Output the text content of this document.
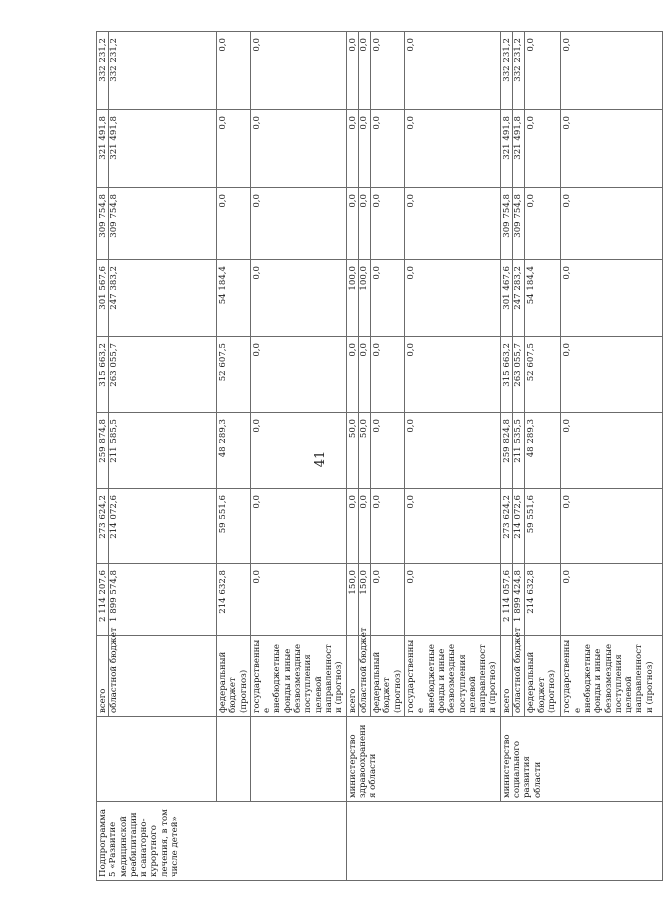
41
Подпрограмма 5 «Развитие медицинской реабилитации и санаторно-курортного лечения, в том числе детей»		всего областной бюджет	2 114 207,6 1 899 574,8	273 624,2 214 072,6	259 874,8 211 585,5	315 663,2 263 055,7	301 567,6 247 383,2	309 754,8 309 754,8	321 491,8 321 491,8	332 231,2 332 231,2

		федеральный бюджет (прогноз)	214 632,8	59 551,6	48 289,3	52 607,5	54 184,4	0,0	0,0	0,0
		государственные внебюджетные фонды и иные безвозмездные поступления целевой направленности (прогноз)	0,0	0,0	0,0	0,0	0,0	0,0	0,0	0,0
	министерство здравоохранения области	всего областной бюджет	150,0 150,0	0,0 0,0	50,0 50,0	0,0 0,0	100,0 100,0	0,0 0,0	0,0 0,0	0,0 0,0

		федеральный бюджет (прогноз)	0,0	0,0	0,0	0,0	0,0	0,0	0,0	0,0
		государственные внебюджетные фонды и иные безвозмездные поступления целевой направленности (прогноз)	0,0	0,0	0,0	0,0	0,0	0,0	0,0	0,0

	министерство социального развития области	всего областной бюджет	2 114 057,6 1 899 424,8	273 624,2 214 072,6	259 824,8 211 535,5	315 663,2 263 055,7	301 467,6 247 283,2	309 754,8 309 754,8	321 491,8 321 491,8	332 231,2 332 231,2

		федеральный бюджет (прогноз)	214 632,8	59 551,6	48 289,3	52 607,5	54 184,4	0,0	0,0	0,0
		государственные внебюджетные фонды и иные безвозмездные поступления целевой направленности (прогноз)	0,0	0,0	0,0	0,0	0,0	0,0	0,0	0,0
